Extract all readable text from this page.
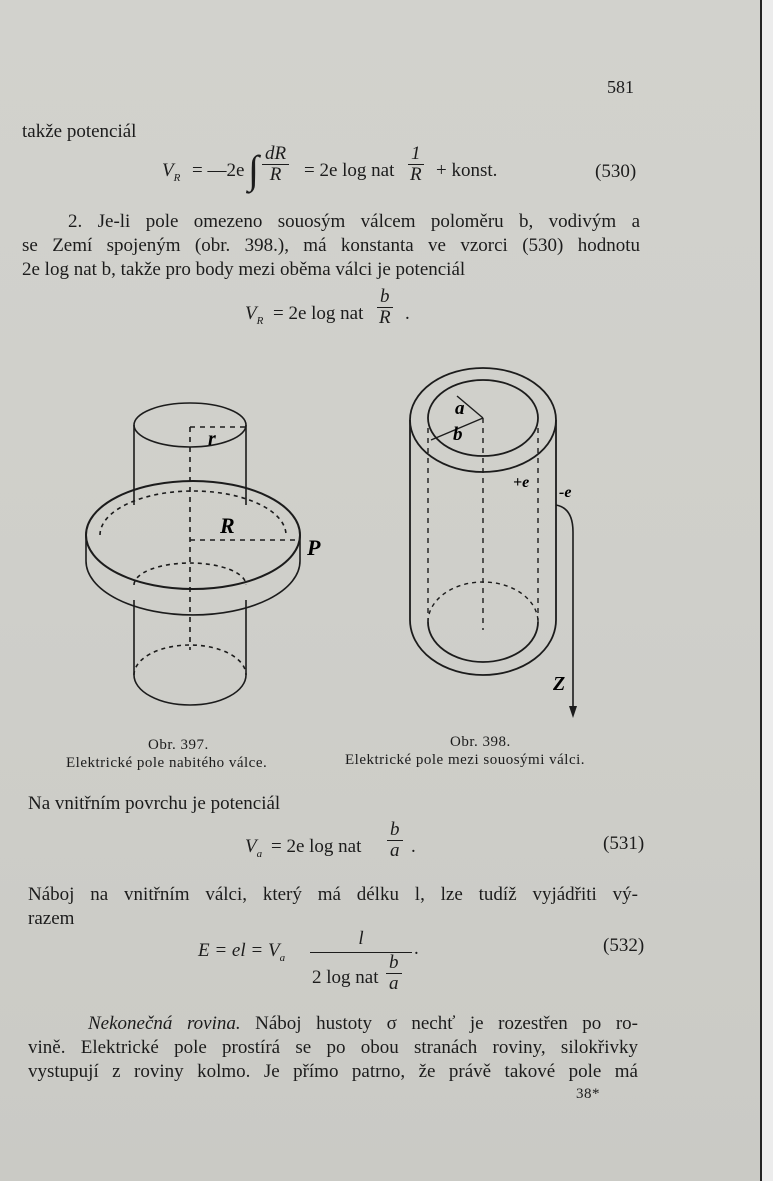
581
takže potenciál
$V_R$ = —2e ∫ $\frac{dR}{R} = 2e$ log nat $\frac{1}{R}$ + konst.	(530)
2. Je-li pole omezeno souosým válcem poloměru b, vodivým a
se Zemí spojeným (obr. 398.), má konstanta ve vzorci (530) hodnotu
2e log nat b, takže pro body mezi oběma válci je potenciál
$V_R = 2e$ log nat $\frac{b}{R}$ .
r
R
P
a
b
+e
-e
Z
Obr. 397.
Elektrické pole nabitého válce.
Obr. 398.
Elektrické pole mezi souosými válci.
Na vnitřním povrchu je potenciál
$V_a = 2e$ log nat $\frac{b}{a}$ .	(531)
Náboj na vnitřním válci, který má délku l, lze tudíž vyjádřiti vý-
razem
E = el = $V_a$
l
2 log nat $\frac{b}{a}$
.	(532)
Nekonečná rovina. Náboj hustoty σ nechť je rozestřen po ro-
vině. Elektrické pole prostírá se po obou stranách roviny, silokřivky
vystupují z roviny kolmo. Je přímo patrno, že právě takové pole má
38*
